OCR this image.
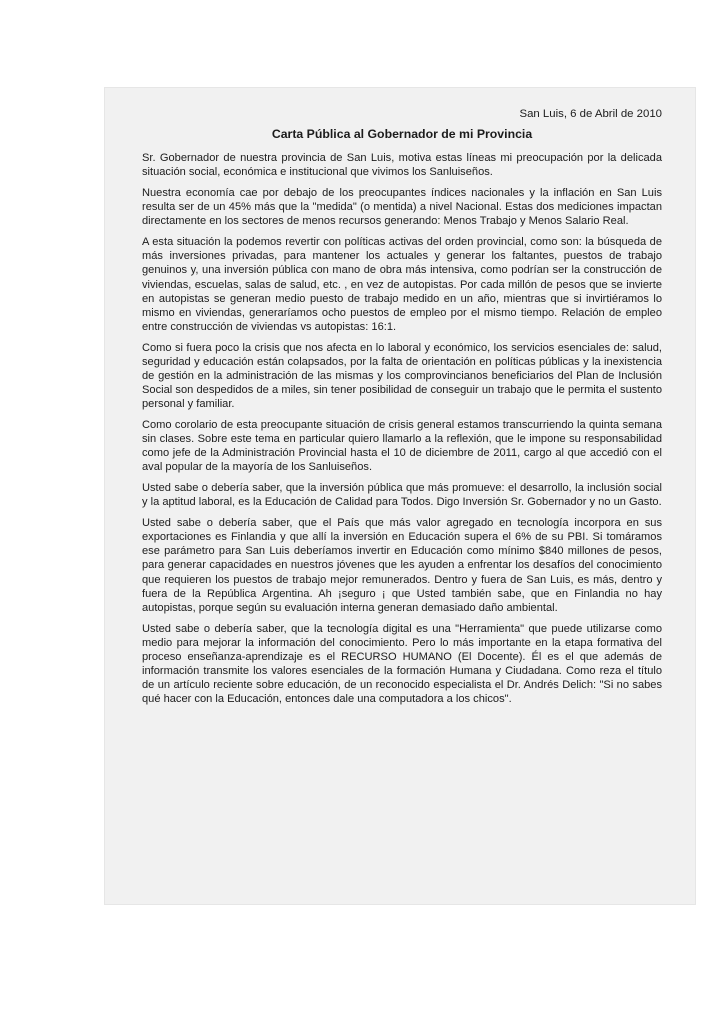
San Luis, 6 de Abril de 2010
Carta Pública al Gobernador de mi Provincia

Sr. Gobernador de nuestra provincia de San Luis, motiva estas líneas mi preocupación por la delicada situación social, económica e institucional que vivimos los Sanluiseños.

Nuestra economía cae por debajo de los preocupantes índices nacionales y la inflación en San Luis resulta ser de un 45% más que la "medida" (o mentida) a nivel Nacional. Estas dos mediciones impactan directamente en los sectores de menos recursos generando: Menos Trabajo y Menos Salario Real.

A esta situación la podemos revertir con políticas activas del orden provincial, como son: la búsqueda de más inversiones privadas, para mantener los actuales y generar los faltantes, puestos de trabajo genuinos y, una inversión pública con mano de obra más intensiva, como podrían ser la construcción de viviendas, escuelas, salas de salud, etc. , en vez de autopistas. Por cada millón de pesos que se invierte en autopistas se generan medio puesto de trabajo medido en un año, mientras que si invirtiéramos lo mismo en viviendas, generaríamos ocho puestos de empleo por el mismo tiempo. Relación de empleo entre construcción de viviendas vs autopistas: 16:1.

Como si fuera poco la crisis que nos afecta en lo laboral y económico, los servicios esenciales de: salud, seguridad y educación están colapsados, por la falta de orientación en políticas públicas y la inexistencia de gestión en la administración de las mismas y los comprovincianos beneficiarios del Plan de Inclusión Social son despedidos de a miles, sin tener posibilidad de conseguir un trabajo que le permita el sustento personal y familiar.

Como corolario de esta preocupante situación de crisis general estamos transcurriendo la quinta semana sin clases. Sobre este tema en particular quiero llamarlo a la reflexión, que le impone su responsabilidad como jefe de la Administración Provincial hasta el 10 de diciembre de 2011, cargo al que accedió con el aval popular de la mayoría de los Sanluiseños.

Usted sabe o debería saber, que la inversión pública que más promueve: el desarrollo, la inclusión social y la aptitud laboral, es la Educación de Calidad para Todos. Digo Inversión Sr. Gobernador y no un Gasto.

Usted sabe o debería saber, que el País que más valor agregado en tecnología incorpora en sus exportaciones es Finlandia y que allí la inversión en Educación supera el 6% de su PBI. Si tomáramos ese parámetro para San Luis deberíamos invertir en Educación como mínimo $840 millones de pesos, para generar capacidades en nuestros jóvenes que les ayuden a enfrentar los desafíos del conocimiento que requieren los puestos de trabajo mejor remunerados. Dentro y fuera de San Luis, es más, dentro y fuera de la República Argentina. Ah ¡seguro ¡ que Usted también sabe, que en Finlandia no hay autopistas, porque según su evaluación interna generan demasiado daño ambiental.

Usted sabe o debería saber, que la tecnología digital es una "Herramienta" que puede utilizarse como medio para mejorar la información del conocimiento. Pero lo más importante en la etapa formativa del proceso enseñanza-aprendizaje es el RECURSO HUMANO (El Docente). Él es el que además de información transmite los valores esenciales de la formación Humana y Ciudadana. Como reza el título de un artículo reciente sobre educación, de un reconocido especialista el Dr. Andrés Delich: "Si no sabes qué hacer con la Educación, entonces dale una computadora a los chicos".
